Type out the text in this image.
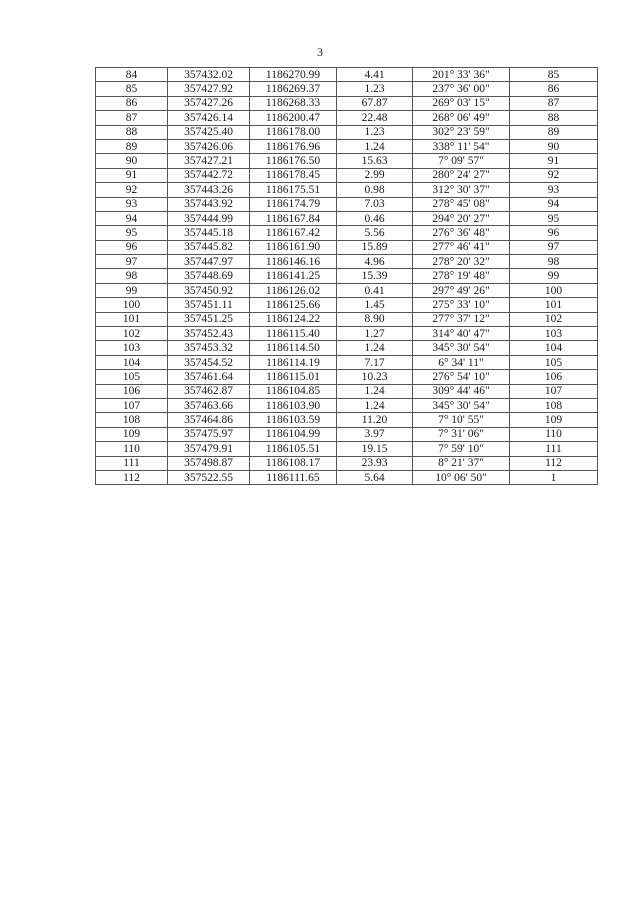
3
84	357432.02	1186270.99	4.41	201° 33' 36"	85
85	357427.92	1186269.37	1.23	237° 36' 00"	86
86	357427.26	1186268.33	67.87	269° 03' 15"	87
87	357426.14	1186200.47	22.48	268° 06' 49"	88
88	357425.40	1186178.00	1.23	302° 23' 59"	89
89	357426.06	1186176.96	1.24	338° 11' 54"	90
90	357427.21	1186176.50	15.63	7° 09' 57"	91
91	357442.72	1186178.45	2.99	280° 24' 27"	92
92	357443.26	1186175.51	0.98	312° 30' 37"	93
93	357443.92	1186174.79	7.03	278° 45' 08"	94
94	357444.99	1186167.84	0.46	294° 20' 27"	95
95	357445.18	1186167.42	5.56	276° 36' 48"	96
96	357445.82	1186161.90	15.89	277° 46' 41"	97
97	357447.97	1186146.16	4.96	278° 20' 32"	98
98	357448.69	1186141.25	15.39	278° 19' 48"	99
99	357450.92	1186126.02	0.41	297° 49' 26"	100
100	357451.11	1186125.66	1.45	275° 33' 10"	101
101	357451.25	1186124.22	8.90	277° 37' 12"	102
102	357452.43	1186115.40	1.27	314° 40' 47"	103
103	357453.32	1186114.50	1.24	345° 30' 54"	104
104	357454.52	1186114.19	7.17	6° 34' 11"	105
105	357461.64	1186115.01	10.23	276° 54' 10"	106
106	357462.87	1186104.85	1.24	309° 44' 46"	107
107	357463.66	1186103.90	1.24	345° 30' 54"	108
108	357464.86	1186103.59	11.20	7° 10' 55"	109
109	357475.97	1186104.99	3.97	7° 31' 06"	110
110	357479.91	1186105.51	19.15	7° 59' 10"	111
111	357498.87	1186108.17	23.93	8° 21' 37"	112
112	357522.55	1186111.65	5.64	10° 06' 50"	1
